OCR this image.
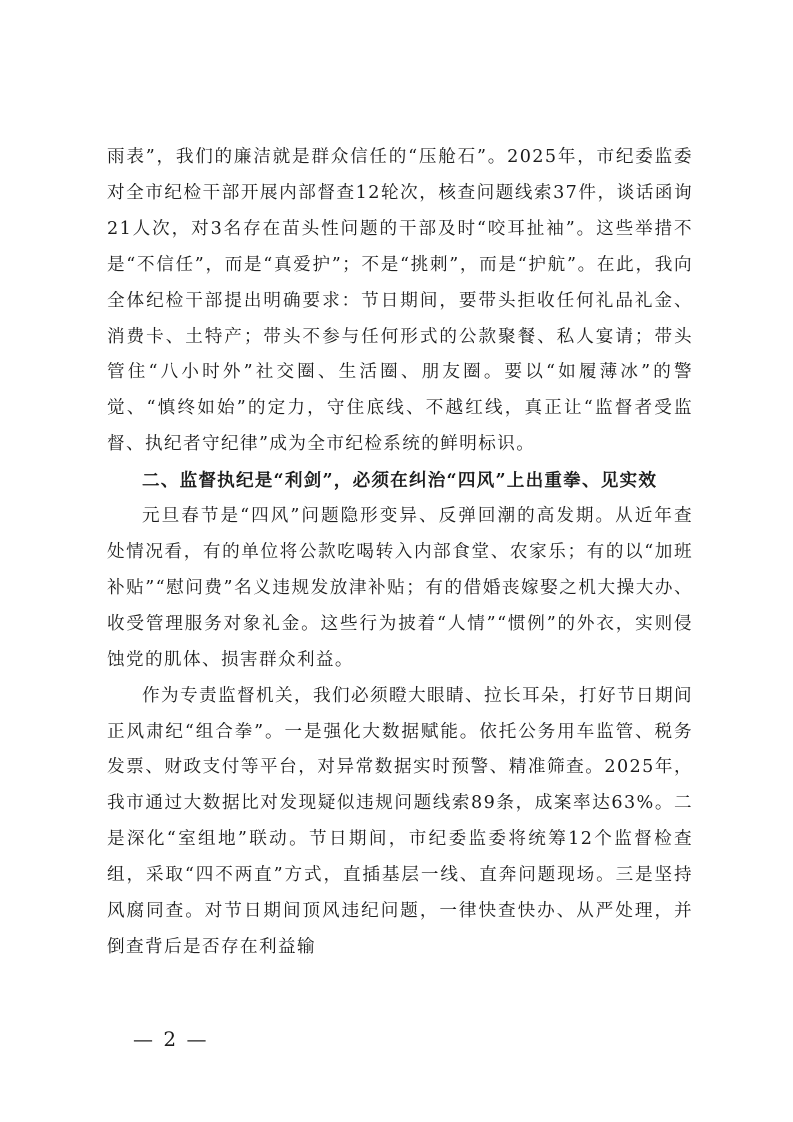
雨表”，我们的廉洁就是群众信任的“压舱石”。2025年，市纪委监委对全市纪检干部开展内部督查12轮次，核查问题线索37件，谈话函询21人次，对3名存在苗头性问题的干部及时“咬耳扯袖”。这些举措不是“不信任”，而是“真爱护”；不是“挑刺”，而是“护航”。在此，我向全体纪检干部提出明确要求：节日期间，要带头拒收任何礼品礼金、消费卡、土特产；带头不参与任何形式的公款聚餐、私人宴请；带头管住“八小时外”社交圈、生活圈、朋友圈。要以“如履薄冰”的警觉、“慎终如始”的定力，守住底线、不越红线，真正让“监督者受监督、执纪者守纪律”成为全市纪检系统的鲜明标识。

二、监督执纪是“利剑”，必须在纠治“四风”上出重拳、见实效

元旦春节是“四风”问题隐形变异、反弹回潮的高发期。从近年查处情况看，有的单位将公款吃喝转入内部食堂、农家乐；有的以“加班补贴”“慰问费”名义违规发放津补贴；有的借婚丧嫁娶之机大操大办、收受管理服务对象礼金。这些行为披着“人情”“惯例”的外衣，实则侵蚀党的肌体、损害群众利益。

作为专责监督机关，我们必须瞪大眼睛、拉长耳朵，打好节日期间正风肃纪“组合拳”。一是强化大数据赋能。依托公务用车监管、税务发票、财政支付等平台，对异常数据实时预警、精准筛查。2025年，我市通过大数据比对发现疑似违规问题线索89条，成案率达63%。二是深化“室组地”联动。节日期间，市纪委监委将统筹12个监督检查组，采取“四不两直”方式，直插基层一线、直奔问题现场。三是坚持风腐同查。对节日期间顶风违纪问题，一律快查快办、从严处理，并倒查背后是否存在利益输

— 2 —
